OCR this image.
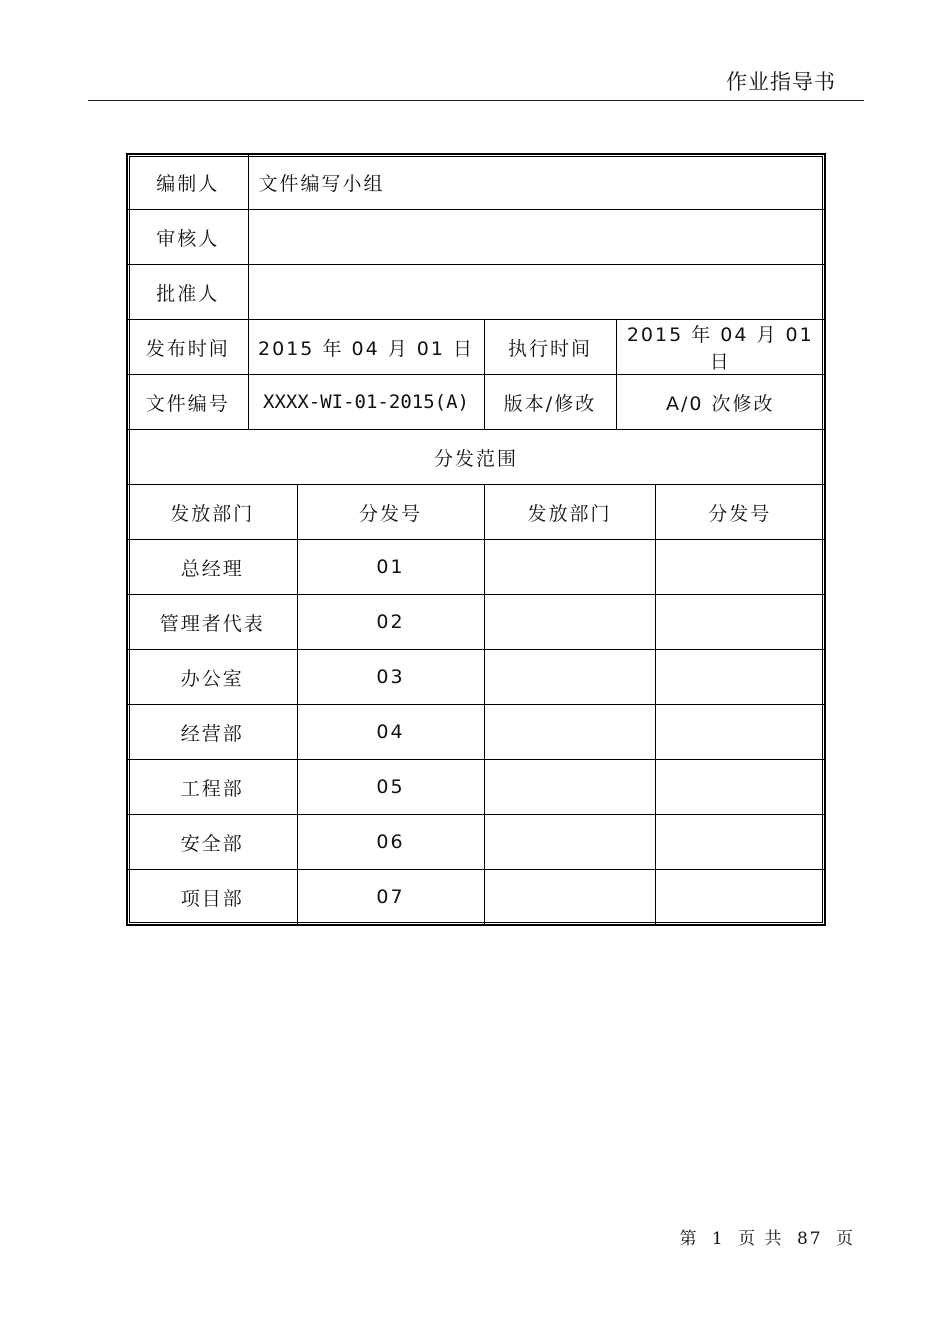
作业指导书
编制人	文件编写小组				
审核人					
批准人					
发布时间	2015 年 04 月 01 日		执行时间	2015 年 04 月 01 日	
文件编号	XXXX-WI-01-2015(A)		版本/修改	A/0 次修改	
分发范围					
发放部门		分发号	发放部门		分发号
总经理		01			
管理者代表		02			
办公室		03			
经营部		04			
工程部		05			
安全部		06			
项目部		07			
第 1 页 共 87 页
